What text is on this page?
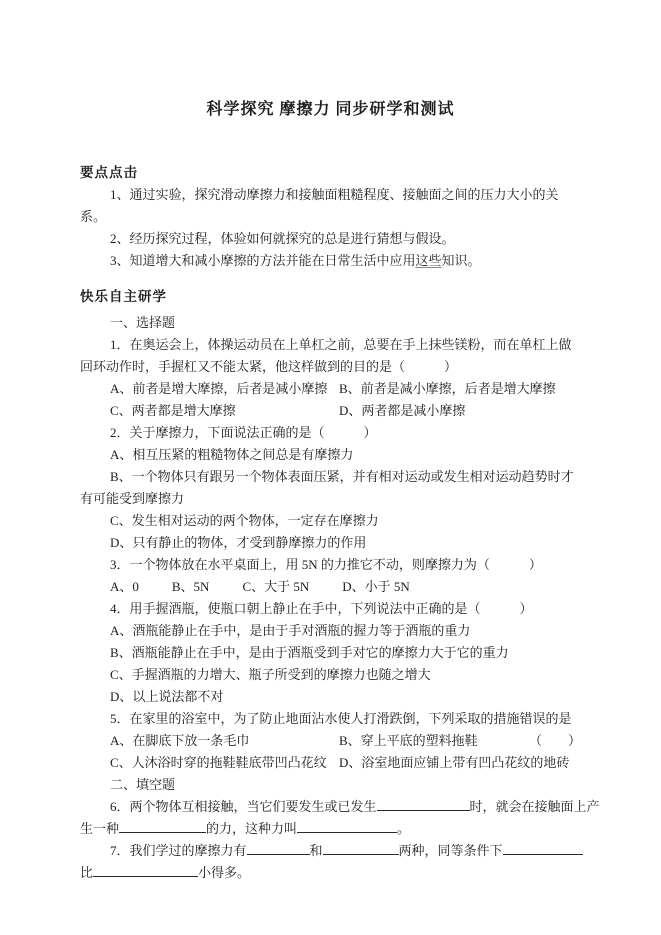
科学探究 摩擦力 同步研学和测试

要点点击

1、通过实验，探究滑动摩擦力和接触面粗糙程度、接触面之间的压力大小的关系。

2、经历探究过程，体验如何就探究的总是进行猜想与假设。

3、知道增大和减小摩擦的方法并能在日常生活中应用这些知识。

快乐自主研学

一、选择题

1．在奥运会上，体操运动员在上单杠之前，总要在手上抹些镁粉，而在单杠上做回环动作时，手握杠又不能太紧，他这样做到的目的是（　　　）

A、前者是增大摩擦，后者是减小摩擦 B、前者是减小摩擦，后者是增大摩擦
C、两者都是增大摩擦	D、两者都是减小摩擦

2．关于摩擦力，下面说法正确的是（　　　）

A、相互压紧的粗糙物体之间总是有摩擦力

B、一个物体只有跟另一个物体表面压紧，并有相对运动或发生相对运动趋势时才有可能受到摩擦力

C、发生相对运动的两个物体，一定存在摩擦力

D、只有静止的物体，才受到静摩擦力的作用

3．一个物体放在水平桌面上，用 5N 的力推它不动，则摩擦力为（　　　）

A、0	B、5N	C、大于 5N	D、小于 5N

4．用手握酒瓶，使瓶口朝上静止在手中，下列说法中正确的是（　　　）

A、酒瓶能静止在手中，是由于手对酒瓶的握力等于酒瓶的重力

B、酒瓶能静止在手中，是由于酒瓶受到手对它的摩擦力大于它的重力

C、手握酒瓶的力增大、瓶子所受到的摩擦力也随之增大

D、以上说法都不对

5．在家里的浴室中，为了防止地面沾水使人打滑跌倒，下列采取的措施错误的是

A、在脚底下放一条毛巾	B、穿上平底的塑料拖鞋	（　　）
C、人沐浴时穿的拖鞋鞋底带凹凸花纹 D、浴室地面应铺上带有凹凸花纹的地砖

二、填空题

6．两个物体互相接触，当它们要发生或已发生	时，就会在接触面上产

生一种	的力，这种力叫	。

7．我们学过的摩擦力有	和	两种，同等条件下

比	小得多。
